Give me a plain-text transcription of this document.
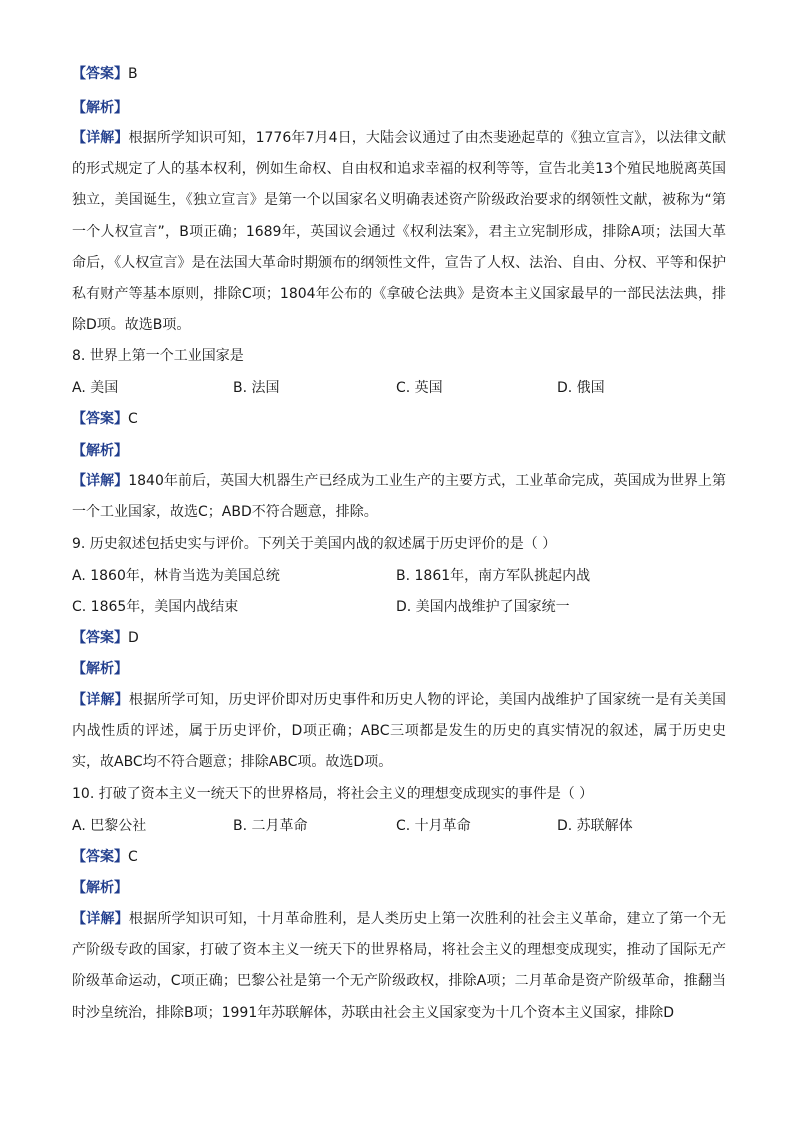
【答案】B
【解析】

【详解】根据所学知识可知，1776年7月4日，大陆会议通过了由杰斐逊起草的《独立宣言》，以法律文献的形式规定了人的基本权利，例如生命权、自由权和追求幸福的权利等等，宣告北美13个殖民地脱离英国独立，美国诞生，《独立宣言》是第一个以国家名义明确表述资产阶级政治要求的纲领性文献，被称为“第一个人权宣言”，B项正确；1689年，英国议会通过《权利法案》，君主立宪制形成，排除A项；法国大革命后，《人权宣言》是在法国大革命时期颁布的纲领性文件，宣告了人权、法治、自由、分权、平等和保护私有财产等基本原则，排除C项；1804年公布的《拿破仑法典》是资本主义国家最早的一部民法法典，排除D项。故选B项。

8. 世界上第一个工业国家是
A. 美国	B. 法国	C. 英国	D. 俄国
【答案】C
【解析】

【详解】1840年前后，英国大机器生产已经成为工业生产的主要方式，工业革命完成，英国成为世界上第一个工业国家，故选C；ABD不符合题意，排除。

9. 历史叙述包括史实与评价。下列关于美国内战的叙述属于历史评价的是（ ）
A. 1860年，林肯当选为美国总统	B. 1861年，南方军队挑起内战
C. 1865年，美国内战结束	D. 美国内战维护了国家统一
【答案】D
【解析】

【详解】根据所学可知，历史评价即对历史事件和历史人物的评论，美国内战维护了国家统一是有关美国内战性质的评述，属于历史评价，D项正确；ABC三项都是发生的历史的真实情况的叙述，属于历史史实，故ABC均不符合题意；排除ABC项。故选D项。

10. 打破了资本主义一统天下的世界格局，将社会主义的理想变成现实的事件是（ ）
A. 巴黎公社	B. 二月革命	C. 十月革命	D. 苏联解体
【答案】C
【解析】

【详解】根据所学知识可知，十月革命胜利，是人类历史上第一次胜利的社会主义革命，建立了第一个无产阶级专政的国家，打破了资本主义一统天下的世界格局，将社会主义的理想变成现实，推动了国际无产阶级革命运动，C项正确；巴黎公社是第一个无产阶级政权，排除A项；二月革命是资产阶级革命，推翻当时沙皇统治，排除B项；1991年苏联解体，苏联由社会主义国家变为十几个资本主义国家，排除D
